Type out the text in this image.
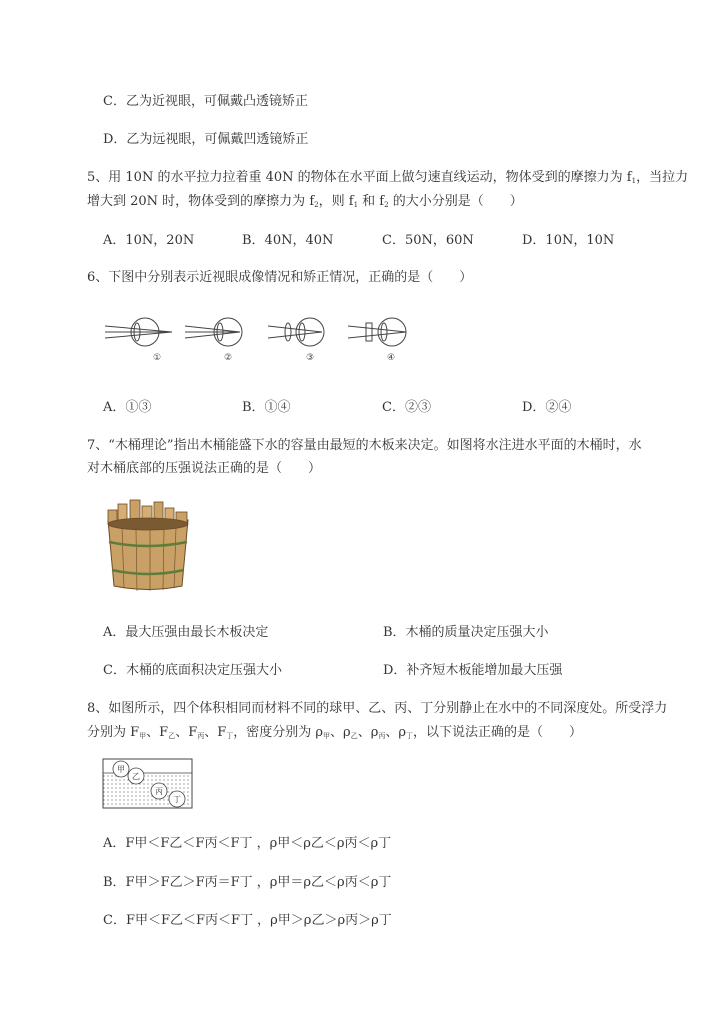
C．乙为近视眼，可佩戴凸透镜矫正
D．乙为远视眼，可佩戴凹透镜矫正
5、用 10N 的水平拉力拉着重 40N 的物体在水平面上做匀速直线运动，物体受到的摩擦力为 $f_1$，当拉力
增大到 20N 时，物体受到的摩擦力为 $f_2$，则 $f_1$ 和 $f_2$ 的大小分别是（　　）
A．10N，20N	B．40N，40N	C．50N，60N	D．10N，10N
6、下图中分别表示近视眼成像情况和矫正情况，正确的是（　　）
①	②	③	④
A．①③	B．①④	C．②③	D．②④
7、“木桶理论”指出木桶能盛下水的容量由最短的木板来决定。如图将水注进水平面的木桶时，水
对木桶底部的压强说法正确的是（　　）
A．最大压强由最长木板决定	B．木桶的质量决定压强大小
C．木桶的底面积决定压强大小	D．补齐短木板能增加最大压强
8、如图所示，四个体积相同而材料不同的球甲、乙、丙、丁分别静止在水中的不同深度处。所受浮力
分别为 $F_甲$、$F_乙$、$F_丙$、$F_丁$，密度分别为 $\rho_甲$、$\rho_乙$、$\rho_丙$、$\rho_丁$，以下说法正确的是（　　）
甲
乙
丙
丁
A．F甲＜F乙＜F丙＜F丁 ，ρ甲＜ρ乙＜ρ丙＜ρ丁
B．F甲＞F乙＞F丙＝F丁 ，ρ甲＝ρ乙＜ρ丙＜ρ丁
C．F甲＜F乙＜F丙＜F丁 ，ρ甲＞ρ乙＞ρ丙＞ρ丁
